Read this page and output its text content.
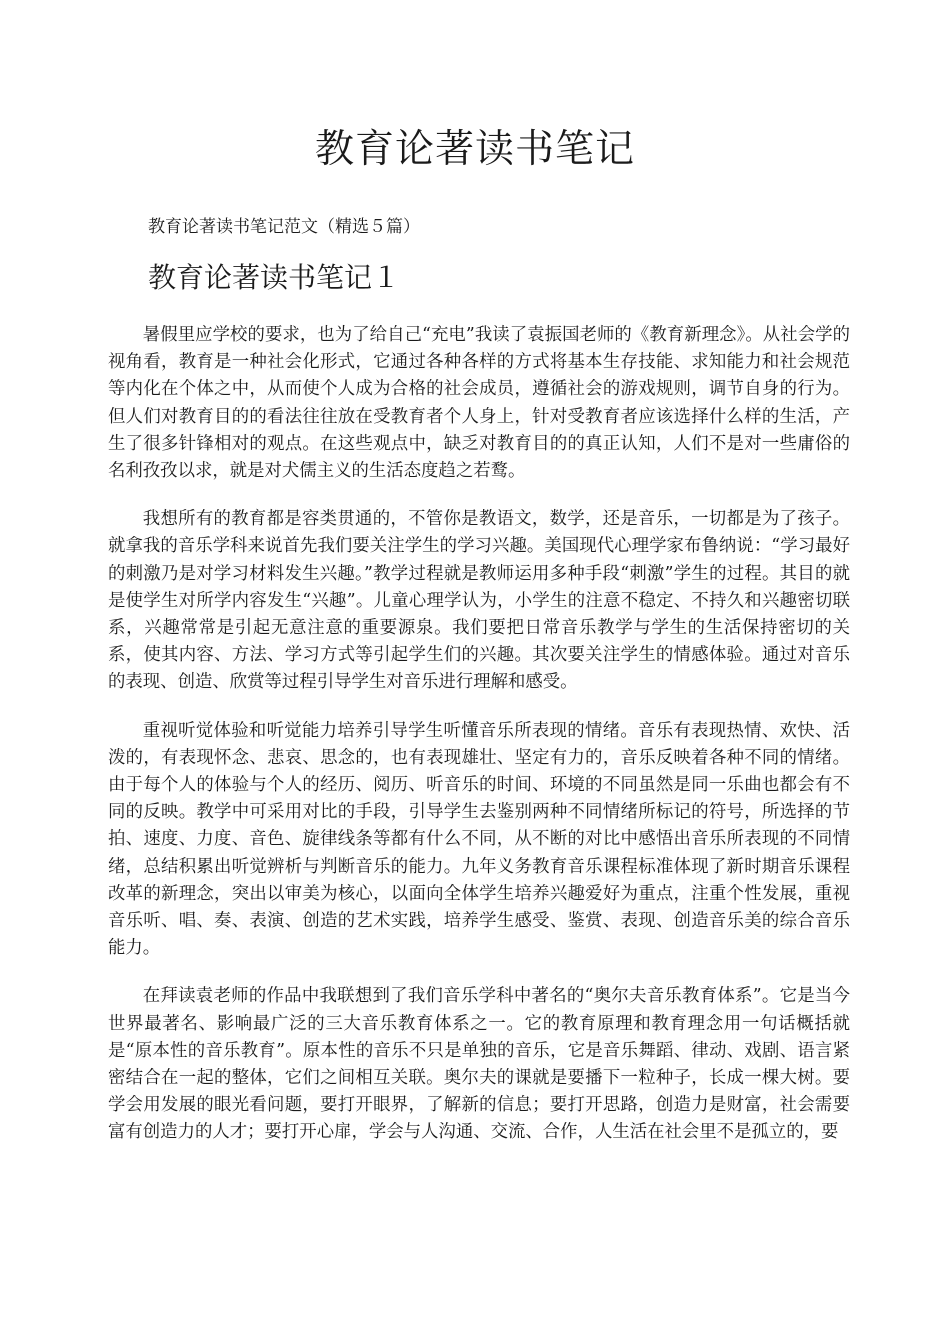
教育论著读书笔记

教育论著读书笔记范文（精选５篇）

教育论著读书笔记１

暑假里应学校的要求，也为了给自己“充电”我读了袁振国老师的《教育新理念》。从社会学的视角看，教育是一种社会化形式，它通过各种各样的方式将基本生存技能、求知能力和社会规范等内化在个体之中，从而使个人成为合格的社会成员，遵循社会的游戏规则，调节自身的行为。但人们对教育目的的看法往往放在受教育者个人身上，针对受教育者应该选择什么样的生活，产生了很多针锋相对的观点。在这些观点中，缺乏对教育目的的真正认知，人们不是对一些庸俗的名利孜孜以求，就是对犬儒主义的生活态度趋之若鹜。

我想所有的教育都是容类贯通的，不管你是教语文，数学，还是音乐，一切都是为了孩子。就拿我的音乐学科来说首先我们要关注学生的学习兴趣。美国现代心理学家布鲁纳说：“学习最好的刺激乃是对学习材料发生兴趣。”教学过程就是教师运用多种手段“刺激”学生的过程。其目的就是使学生对所学内容发生“兴趣”。儿童心理学认为，小学生的注意不稳定、不持久和兴趣密切联系，兴趣常常是引起无意注意的重要源泉。我们要把日常音乐教学与学生的生活保持密切的关系，使其内容、方法、学习方式等引起学生们的兴趣。其次要关注学生的情感体验。通过对音乐的表现、创造、欣赏等过程引导学生对音乐进行理解和感受。

重视听觉体验和听觉能力培养引导学生听懂音乐所表现的情绪。音乐有表现热情、欢快、活泼的，有表现怀念、悲哀、思念的，也有表现雄壮、坚定有力的，音乐反映着各种不同的情绪。由于每个人的体验与个人的经历、阅历、听音乐的时间、环境的不同虽然是同一乐曲也都会有不同的反映。教学中可采用对比的手段，引导学生去鉴别两种不同情绪所标记的符号，所选择的节拍、速度、力度、音色、旋律线条等都有什么不同，从不断的对比中感悟出音乐所表现的不同情绪，总结积累出听觉辨析与判断音乐的能力。九年义务教育音乐课程标准体现了新时期音乐课程改革的新理念，突出以审美为核心，以面向全体学生培养兴趣爱好为重点，注重个性发展，重视音乐听、唱、奏、表演、创造的艺术实践，培养学生感受、鉴赏、表现、创造音乐美的综合音乐能力。

在拜读袁老师的作品中我联想到了我们音乐学科中著名的“奥尔夫音乐教育体系”。它是当今世界最著名、影响最广泛的三大音乐教育体系之一。它的教育原理和教育理念用一句话概括就是“原本性的音乐教育”。原本性的音乐不只是单独的音乐，它是音乐舞蹈、律动、戏剧、语言紧密结合在一起的整体，它们之间相互关联。奥尔夫的课就是要播下一粒种子，长成一棵大树。要学会用发展的眼光看问题，要打开眼界，了解新的信息；要打开思路，创造力是财富，社会需要富有创造力的人才；要打开心扉，学会与人沟通、交流、合作，人生活在社会里不是孤立的，要
